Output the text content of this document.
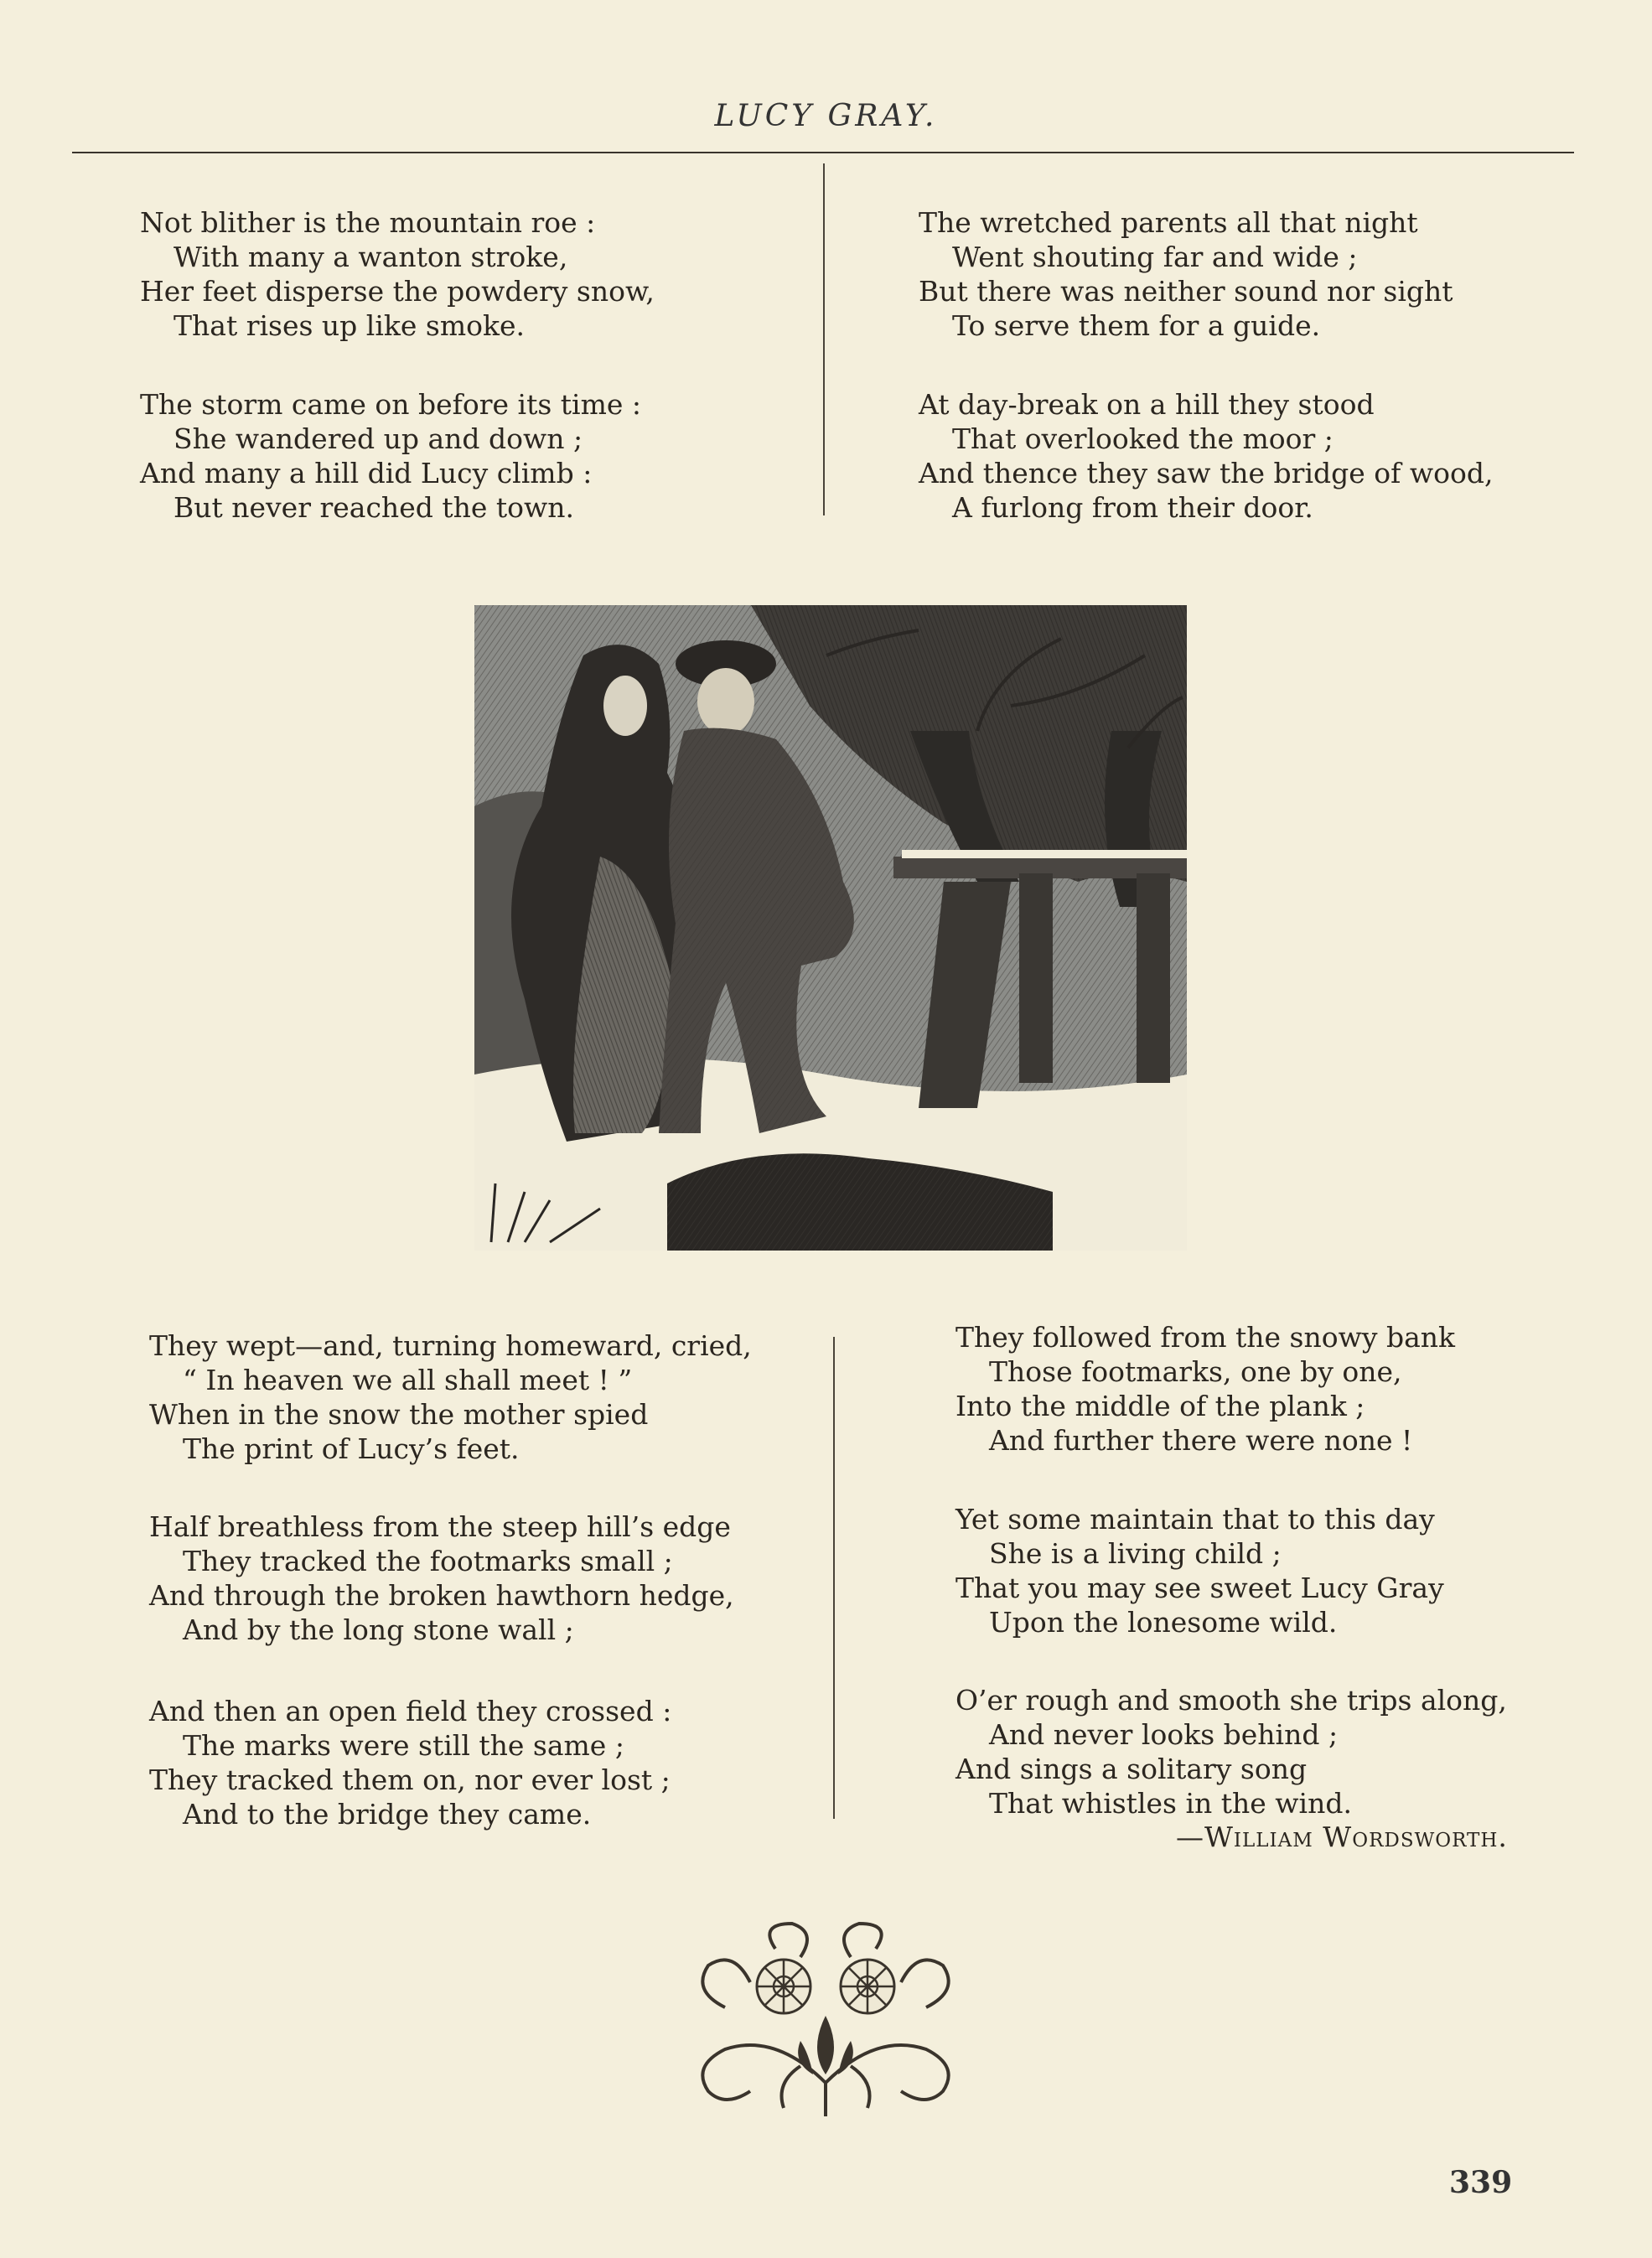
LUCY GRAY.
Not blither is the mountain roe :
With many a wanton stroke,
Her feet disperse the powdery snow,
That rises up like smoke.
The storm came on before its time :
She wandered up and down ;
And many a hill did Lucy climb :
But never reached the town.
The wretched parents all that night
Went shouting far and wide ;
But there was neither sound nor sight
To serve them for a guide.
At day-break on a hill they stood
That overlooked the moor ;
And thence they saw the bridge of wood,
A furlong from their door.
They wept—and, turning homeward, cried,
“ In heaven we all shall meet ! ”
When in the snow the mother spied
The print of Lucy’s feet.
Half breathless from the steep hill’s edge
They tracked the footmarks small ;
And through the broken hawthorn hedge,
And by the long stone wall ;
And then an open field they crossed :
The marks were still the same ;
They tracked them on, nor ever lost ;
And to the bridge they came.
They followed from the snowy bank
Those footmarks, one by one,
Into the middle of the plank ;
And further there were none !
Yet some maintain that to this day
She is a living child ;
That you may see sweet Lucy Gray
Upon the lonesome wild.
O’er rough and smooth she trips along,
And never looks behind ;
And sings a solitary song
That whistles in the wind.
—William Wordsworth.
339
